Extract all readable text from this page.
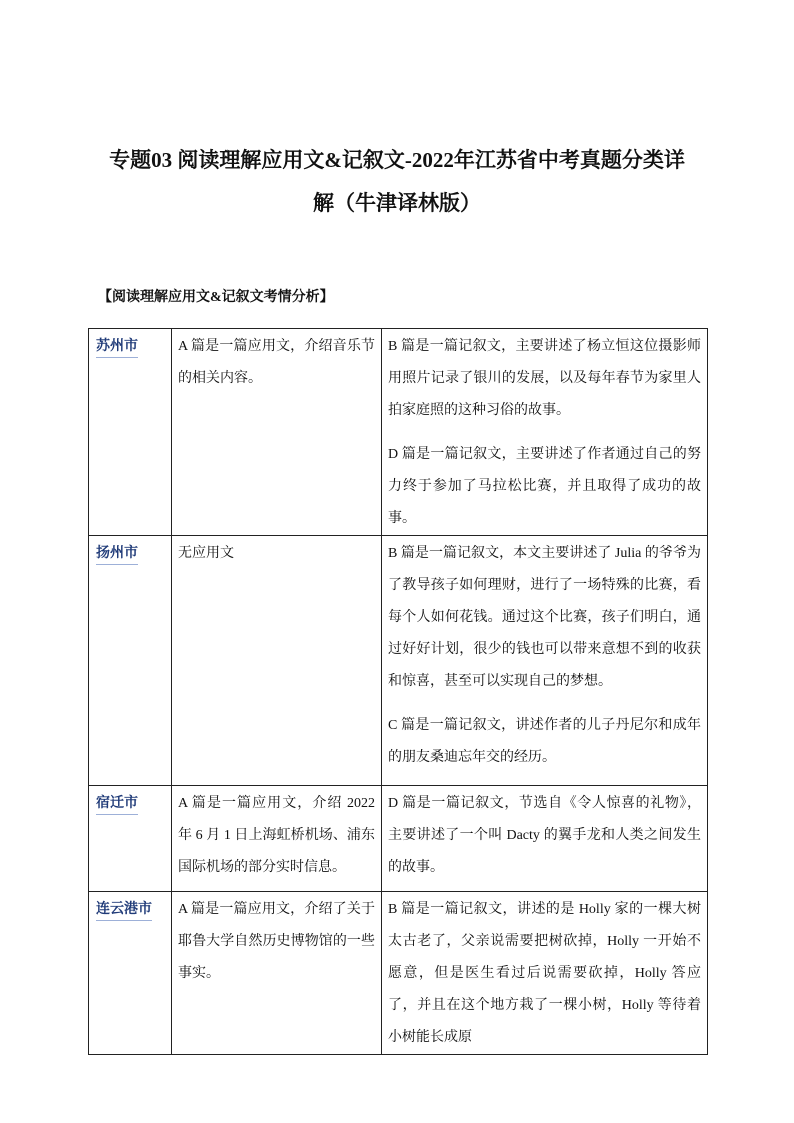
专题03 阅读理解应用文&记叙文-2022年江苏省中考真题分类详解（牛津译林版）
【阅读理解应用文&记叙文考情分析】
苏州市	A 篇是一篇应用文，介绍音乐节的相关内容。	B 篇是一篇记叙文，主要讲述了杨立恒这位摄影师用照片记录了银川的发展，以及每年春节为家里人拍家庭照的这种习俗的故事。

D 篇是一篇记叙文，主要讲述了作者通过自己的努力终于参加了马拉松比赛，并且取得了成功的故事。

扬州市	无应用文	B 篇是一篇记叙文，本文主要讲述了 Julia 的爷爷为了教导孩子如何理财，进行了一场特殊的比赛，看每个人如何花钱。通过这个比赛，孩子们明白，通过好好计划，很少的钱也可以带来意想不到的收获和惊喜，甚至可以实现自己的梦想。

C 篇是一篇记叙文，讲述作者的儿子丹尼尔和成年的朋友桑迪忘年交的经历。

宿迁市	A 篇是一篇应用文，介绍 2022 年 6 月 1 日上海虹桥机场、浦东国际机场的部分实时信息。	D 篇是一篇记叙文，节选自《令人惊喜的礼物》，主要讲述了一个叫 Dacty 的翼手龙和人类之间发生的故事。

连云港市	A 篇是一篇应用文，介绍了关于耶鲁大学自然历史博物馆的一些事实。	B 篇是一篇记叙文，讲述的是 Holly 家的一棵大树太古老了，父亲说需要把树砍掉，Holly 一开始不愿意，但是医生看过后说需要砍掉，Holly 答应了，并且在这个地方栽了一棵小树，Holly 等待着小树能长成原
